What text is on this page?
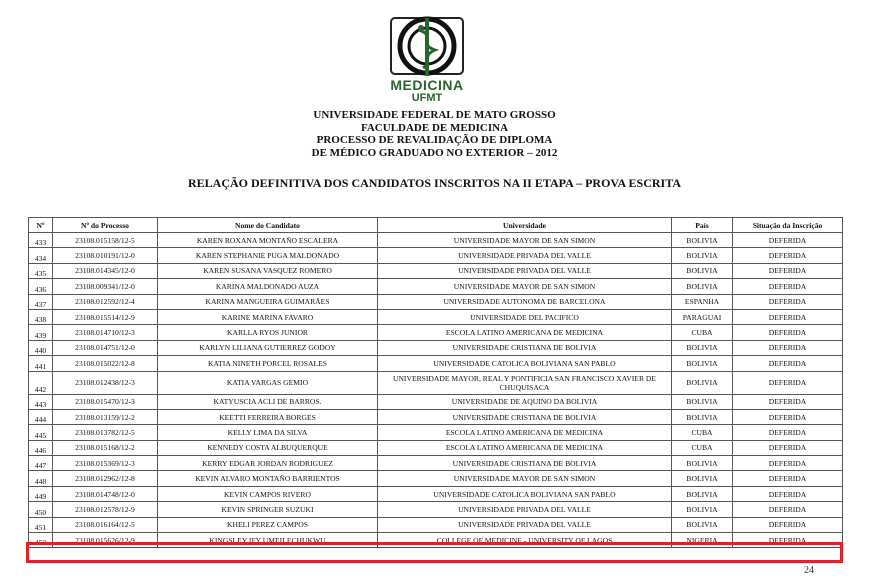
MEDICINA
UFMT
UNIVERSIDADE FEDERAL DE MATO GROSSO
FACULDADE DE MEDICINA
PROCESSO DE REVALIDAÇÃO DE DIPLOMA
DE MÉDICO GRADUADO NO EXTERIOR – 2012
RELAÇÃO DEFINITIVA DOS CANDIDATOS INSCRITOS NA II ETAPA – PROVA ESCRITA
Nº	Nº do Processo	Nome do Candidato	Universidade	País	Situação da Inscrição
433	23108.015158/12-5	KAREN ROXANA MONTAÑO ESCALERA	UNIVERSIDADE MAYOR DE SAN SIMON	BOLIVIA	DEFERIDA
434	23108.010191/12-0	KAREN STEPHANIE PUGA MALDONADO	UNIVERSIDADE PRIVADA DEL VALLE	BOLIVIA	DEFERIDA
435	23108.014345/12-0	KAREN SUSANA VASQUEZ ROMERO	UNIVERSIDADE PRIVADA DEL VALLE	BOLIVIA	DEFERIDA
436	23108.009341/12-0	KARINA MALDONADO AUZA	UNIVERSIDADE MAYOR DE SAN SIMON	BOLIVIA	DEFERIDA
437	23108.012592/12-4	KARINA MANGUEIRA GUIMARÃES	UNIVERSIDADE AUTONOMA DE BARCELONA	ESPANHA	DEFERIDA
438	23108.015514/12-9	KARINE MARINA FAVARO	UNIVERSIDADE DEL PACIFICO	PARAGUAI	DEFERIDA
439	23108.014710/12-3	KARLLA RYOS JUNIOR	ESCOLA LATINO AMERICANA DE MEDICINA	CUBA	DEFERIDA
440	23108.014751/12-0	KARLYN LILIANA GUTIERREZ GODOY	UNIVERSIDADE CRISTIANA DE BOLIVIA	BOLIVIA	DEFERIDA
441	23108.015022/12-8	KATIA NINETH PORCEL ROSALES	UNIVERSIDADE CATOLICA BOLIVIANA SAN PABLO	BOLIVIA	DEFERIDA
442	23108.012438/12-3	KATIA VARGAS GEMIO	UNIVERSIDADE MAYOR, REAL Y PONTIFICIA SAN FRANCISCO XAVIER DE CHUQUISACA	BOLIVIA	DEFERIDA
443	23108.015470/12-3	KATYUSCIA ACLI DE BARROS.	UNIVERSIDADE DE AQUINO DA BOLIVIA	BOLIVIA	DEFERIDA
444	23108.013159/12-2	KEETTI FERREIRA BORGES	UNIVERSIDADE CRISTIANA DE BOLIVIA	BOLIVIA	DEFERIDA
445	23108.013782/12-5	KELLY LIMA DA SILVA	ESCOLA LATINO AMERICANA DE MEDICINA	CUBA	DEFERIDA
446	23108.015168/12-2	KENNEDY COSTA ALBUQUERQUE	ESCOLA LATINO AMERICANA DE MEDICINA	CUBA	DEFERIDA
447	23108.015369/12-3	KERRY EDGAR JORDAN RODRIGUEZ	UNIVERSIDADE CRISTIANA DE BOLIVIA	BOLIVIA	DEFERIDA
448	23108.012962/12-8	KEVIN ALVARO MONTAÑO BARRIENTOS	UNIVERSIDADE MAYOR DE SAN SIMON	BOLIVIA	DEFERIDA
449	23108.014748/12-0	KEVIN CAMPOS RIVERO	UNIVERSIDADE CATOLICA BOLIVIANA SAN PABLO	BOLIVIA	DEFERIDA
450	23108.012578/12-9	KEVIN SPRINGER SUZUKI	UNIVERSIDADE PRIVADA DEL VALLE	BOLIVIA	DEFERIDA
451	23108.016164/12-5	KHELI PEREZ CAMPOS	UNIVERSIDADE PRIVADA DEL VALLE	BOLIVIA	DEFERIDA
452	23108.015626/12-9	KINGSLEY IFY UMEILECHUKWU	COLLEGE OF MEDICINE - UNIVERSITY OF LAGOS	NIGERIA	DEFERIDA
24
